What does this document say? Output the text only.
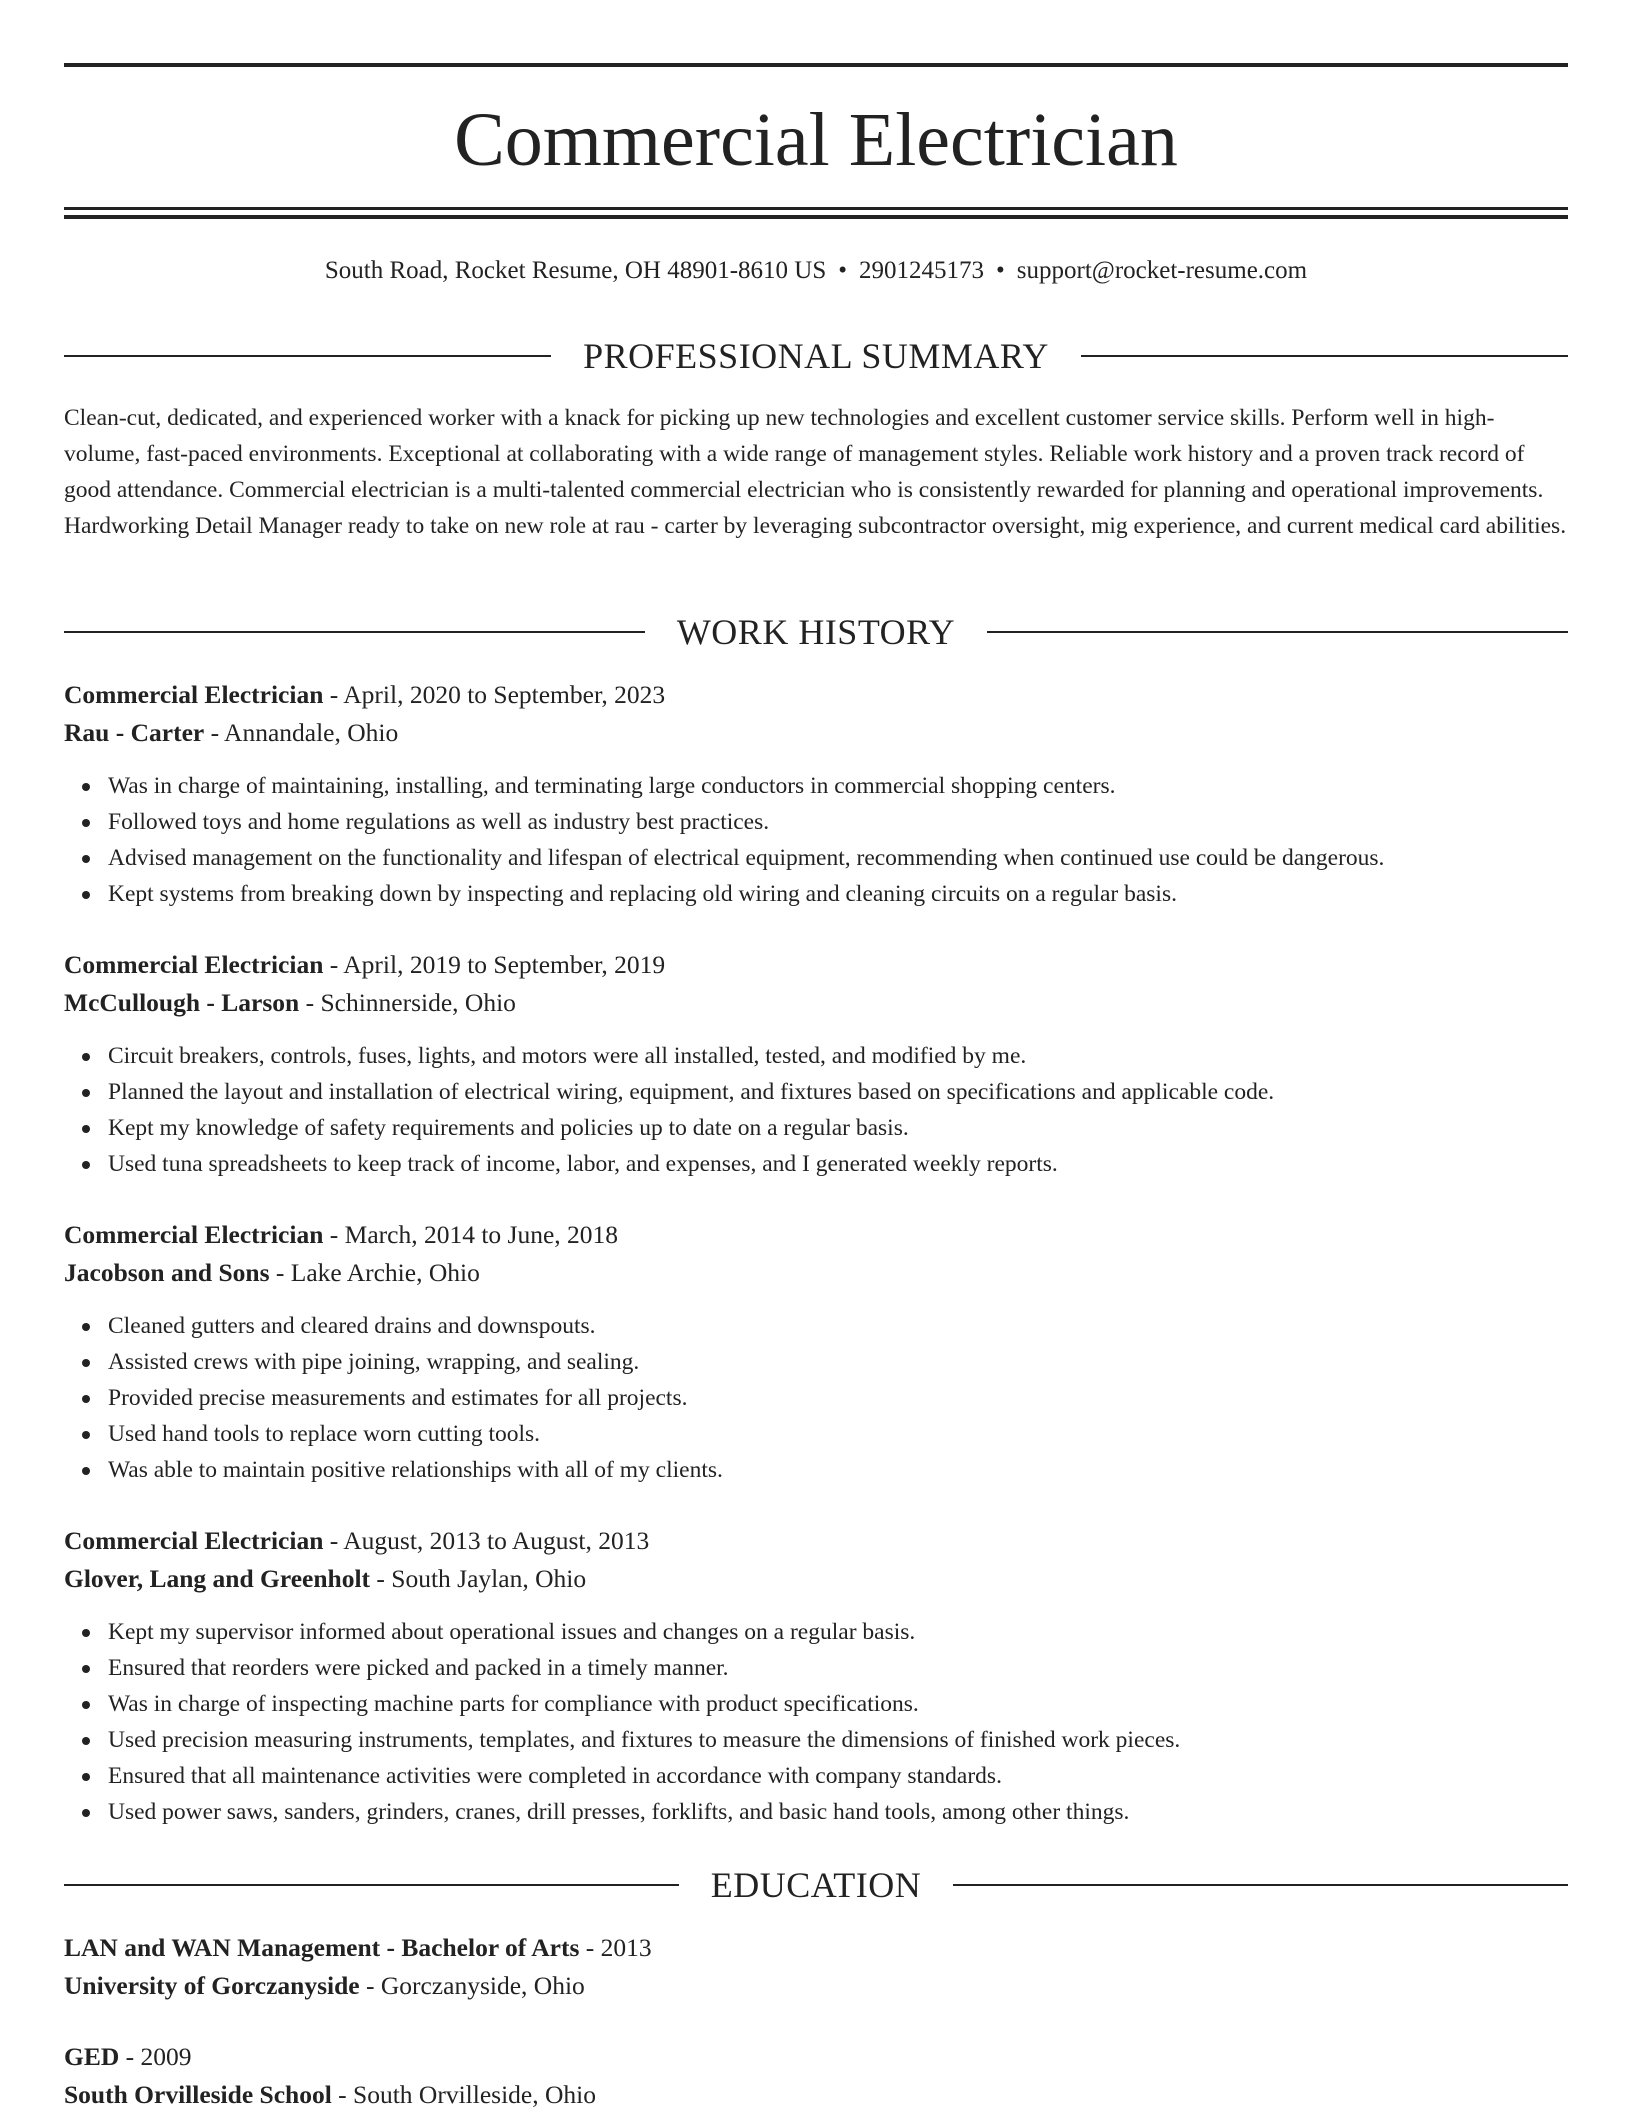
Commercial Electrician
South Road, Rocket Resume, OH 48901-8610 US • 2901245173 • support@rocket-resume.com
PROFESSIONAL SUMMARY

Clean-cut, dedicated, and experienced worker with a knack for picking up new technologies and excellent customer service skills. Perform well in high-volume, fast-paced environments. Exceptional at collaborating with a wide range of management styles. Reliable work history and a proven track record of good attendance. Commercial electrician is a multi-talented commercial electrician who is consistently rewarded for planning and operational improvements. Hardworking Detail Manager ready to take on new role at rau - carter by leveraging subcontractor oversight, mig experience, and current medical card abilities.

WORK HISTORY
Commercial Electrician - April, 2020 to September, 2023
Rau - Carter - Annandale, Ohio
Was in charge of maintaining, installing, and terminating large conductors in commercial shopping centers.
Followed toys and home regulations as well as industry best practices.
Advised management on the functionality and lifespan of electrical equipment, recommending when continued use could be dangerous.
Kept systems from breaking down by inspecting and replacing old wiring and cleaning circuits on a regular basis.
Commercial Electrician - April, 2019 to September, 2019
McCullough - Larson - Schinnerside, Ohio
Circuit breakers, controls, fuses, lights, and motors were all installed, tested, and modified by me.
Planned the layout and installation of electrical wiring, equipment, and fixtures based on specifications and applicable code.
Kept my knowledge of safety requirements and policies up to date on a regular basis.
Used tuna spreadsheets to keep track of income, labor, and expenses, and I generated weekly reports.
Commercial Electrician - March, 2014 to June, 2018
Jacobson and Sons - Lake Archie, Ohio
Cleaned gutters and cleared drains and downspouts.
Assisted crews with pipe joining, wrapping, and sealing.
Provided precise measurements and estimates for all projects.
Used hand tools to replace worn cutting tools.
Was able to maintain positive relationships with all of my clients.
Commercial Electrician - August, 2013 to August, 2013
Glover, Lang and Greenholt - South Jaylan, Ohio
Kept my supervisor informed about operational issues and changes on a regular basis.
Ensured that reorders were picked and packed in a timely manner.
Was in charge of inspecting machine parts for compliance with product specifications.
Used precision measuring instruments, templates, and fixtures to measure the dimensions of finished work pieces.
Ensured that all maintenance activities were completed in accordance with company standards.
Used power saws, sanders, grinders, cranes, drill presses, forklifts, and basic hand tools, among other things.
EDUCATION
LAN and WAN Management - Bachelor of Arts - 2013
University of Gorczanyside - Gorczanyside, Ohio
GED - 2009
South Orvilleside School - South Orvilleside, Ohio
